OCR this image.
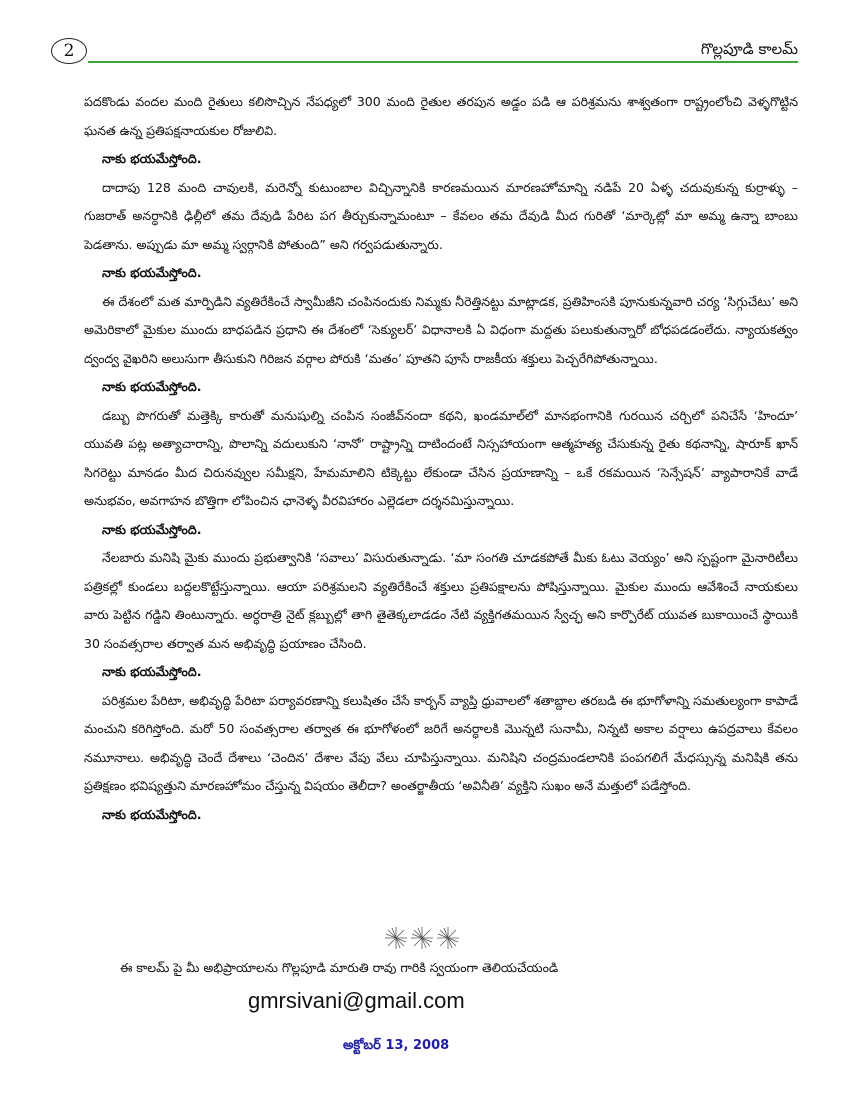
2	గొల్లపూడి కాలమ్

పదకొండు వందల మంది రైతులు కలిసొచ్చిన నేపధ్యలో 300 మంది రైతుల తరపున అడ్డం పడి ఆ పరిశ్రమను శాశ్వతంగా రాష్ట్రంలోంచి వెళ్ళగొట్టిన ఘనత ఉన్న ప్రతిపక్షనాయకుల రోజులివి.

నాకు భయమేస్తోంది.

దాదాపు 128 మంది చావులకి, మరెన్నో కుటుంబాల విచ్చిన్నానికి కారణమయిన మారణహోమాన్ని నడిపే 20 ఏళ్ళ చదువుకున్న కుర్రాళ్ళు – గుజరాత్ అనర్ధానికి ఢిల్లీలో తమ దేవుడి పేరిట పగ తీర్చుకున్నామంటూ – కేవలం తమ దేవుడి మీద గురితో ‘మార్కెట్లో మా అమ్మ ఉన్నా బాంబు పెడతాను. అప్పుడు మా అమ్మ స్వర్గానికి పోతుంది” అని గర్వపడుతున్నారు.

నాకు భయమేస్తోంది.

ఈ దేశంలో మత మార్పిడిని వ్యతిరేకించే స్వామీజీని చంపినందుకు నిమ్మకు నీరెత్తినట్టు మాట్లాడక, ప్రతిహింసకి పూనుకున్నవారి చర్య ‘సిగ్గుచేటు’ అని అమెరికాలో మైకుల ముందు బాధపడిన ప్రధాని ఈ దేశంలో ‘సెక్యులర్’ విధానాలకి ఏ విధంగా మద్దతు పలుకుతున్నారో బోధపడడంలేదు. న్యాయకత్వం ద్వంద్వ వైఖరిని అలుసుగా తీసుకుని గిరిజన వర్గాల పోరుకి ‘మతం’ పూతని పూసే రాజకీయ శక్తులు పెచ్చరేగిపోతున్నాయి.

నాకు భయమేస్తోంది.

డబ్బు పొగరుతో మత్తెక్కి కారుతో మనుషుల్ని చంపిన సంజీవ్‌నందా కథని, ఖండమాల్‌లో మానభంగానికి గురయిన చర్చిలో పనిచేసే ‘హిందూ’ యువతి పట్ల అత్యాచారాన్ని, పొలాన్ని వదులుకుని ‘నానో’ రాష్ట్రాన్ని దాటిందంటే నిస్సహాయంగా ఆత్మహత్య చేసుకున్న రైతు కథనాన్ని, షారూక్ ఖాన్ సిగరెట్టు మానడం మీద చిరునవ్వుల సమీక్షని, హేమమాలిని టిక్కెట్టు లేకుండా చేసిన ప్రయాణాన్ని – ఒకే రకమయిన ‘సెన్సేషన్’ వ్యాపారానికే వాడే అనుభవం, అవగాహన బొత్తిగా లోపించిన ఛానెళ్ళ వీరవిహారం ఎల్లెడలా దర్శనమిస్తున్నాయి.

నాకు భయమేస్తోంది.

నేలబారు మనిషి మైకు ముందు ప్రభుత్వానికి ‘సవాలు’ విసురుతున్నాడు. ‘మా సంగతి చూడకపోతే మీకు ఓటు వెయ్యం’ అని స్పష్టంగా మైనారిటీలు పత్రికల్లో కుండలు బద్దలకొట్టేస్తున్నాయి. ఆయా పరిశ్రమలని వ్యతిరేకించే శక్తులు ప్రతిపక్షాలను పోషిస్తున్నాయి. మైకుల ముందు ఆవేశించే నాయకులు వారు పెట్టిన గడ్డిని తింటున్నారు. అర్ధరాత్రి నైట్ క్లబ్బుల్లో తాగి తైతెక్కలాడడం నేటి వ్యక్తిగతమయిన స్వేచ్ఛ అని కార్పొరేట్ యువత బుకాయించే స్థాయికి 30 సంవత్సరాల తర్వాత మన అభివృద్ధి ప్రయాణం చేసింది.

నాకు భయమేస్తోంది.

పరిశ్రమల పేరిటా, అభివృద్ధి పేరిటా పర్యావరణాన్ని కలుషితం చేసే కార్బన్ వ్యాప్తి ధ్రువాలలో శతాబ్దాల తరబడి ఈ భూగోళాన్ని సమతుల్యంగా కాపాడే మంచుని కరిగిస్తోంది. మరో 50 సంవత్సరాల తర్వాత ఈ భూగోళంలో జరిగే అనర్ధాలకి మొన్నటి సునామీ, నిన్నటి అకాల వర్షాలు ఉపద్రవాలు కేవలం నమూనాలు. అభివృద్ధి చెందే దేశాలు ‘చెందిన’ దేశాల వేపు వేలు చూపిస్తున్నాయి. మనిషిని చంద్రమండలానికి పంపగలిగే మేధస్సున్న మనిషికి తను ప్రతిక్షణం భవిష్యత్తుని మారణహోమం చేస్తున్న విషయం తెలీదా? అంతర్జాతీయ ‘అవినీతి’ వ్యక్తిని సుఖం అనే మత్తులో పడేస్తోంది.

నాకు భయమేస్తోంది.

ఈ కాలమ్ పై మీ అభిప్రాయాలను గొల్లపూడి మారుతి రావు గారికి స్వయంగా తెలియచేయండి
gmrsivani@gmail.com
అక్టోబర్ 13, 2008
